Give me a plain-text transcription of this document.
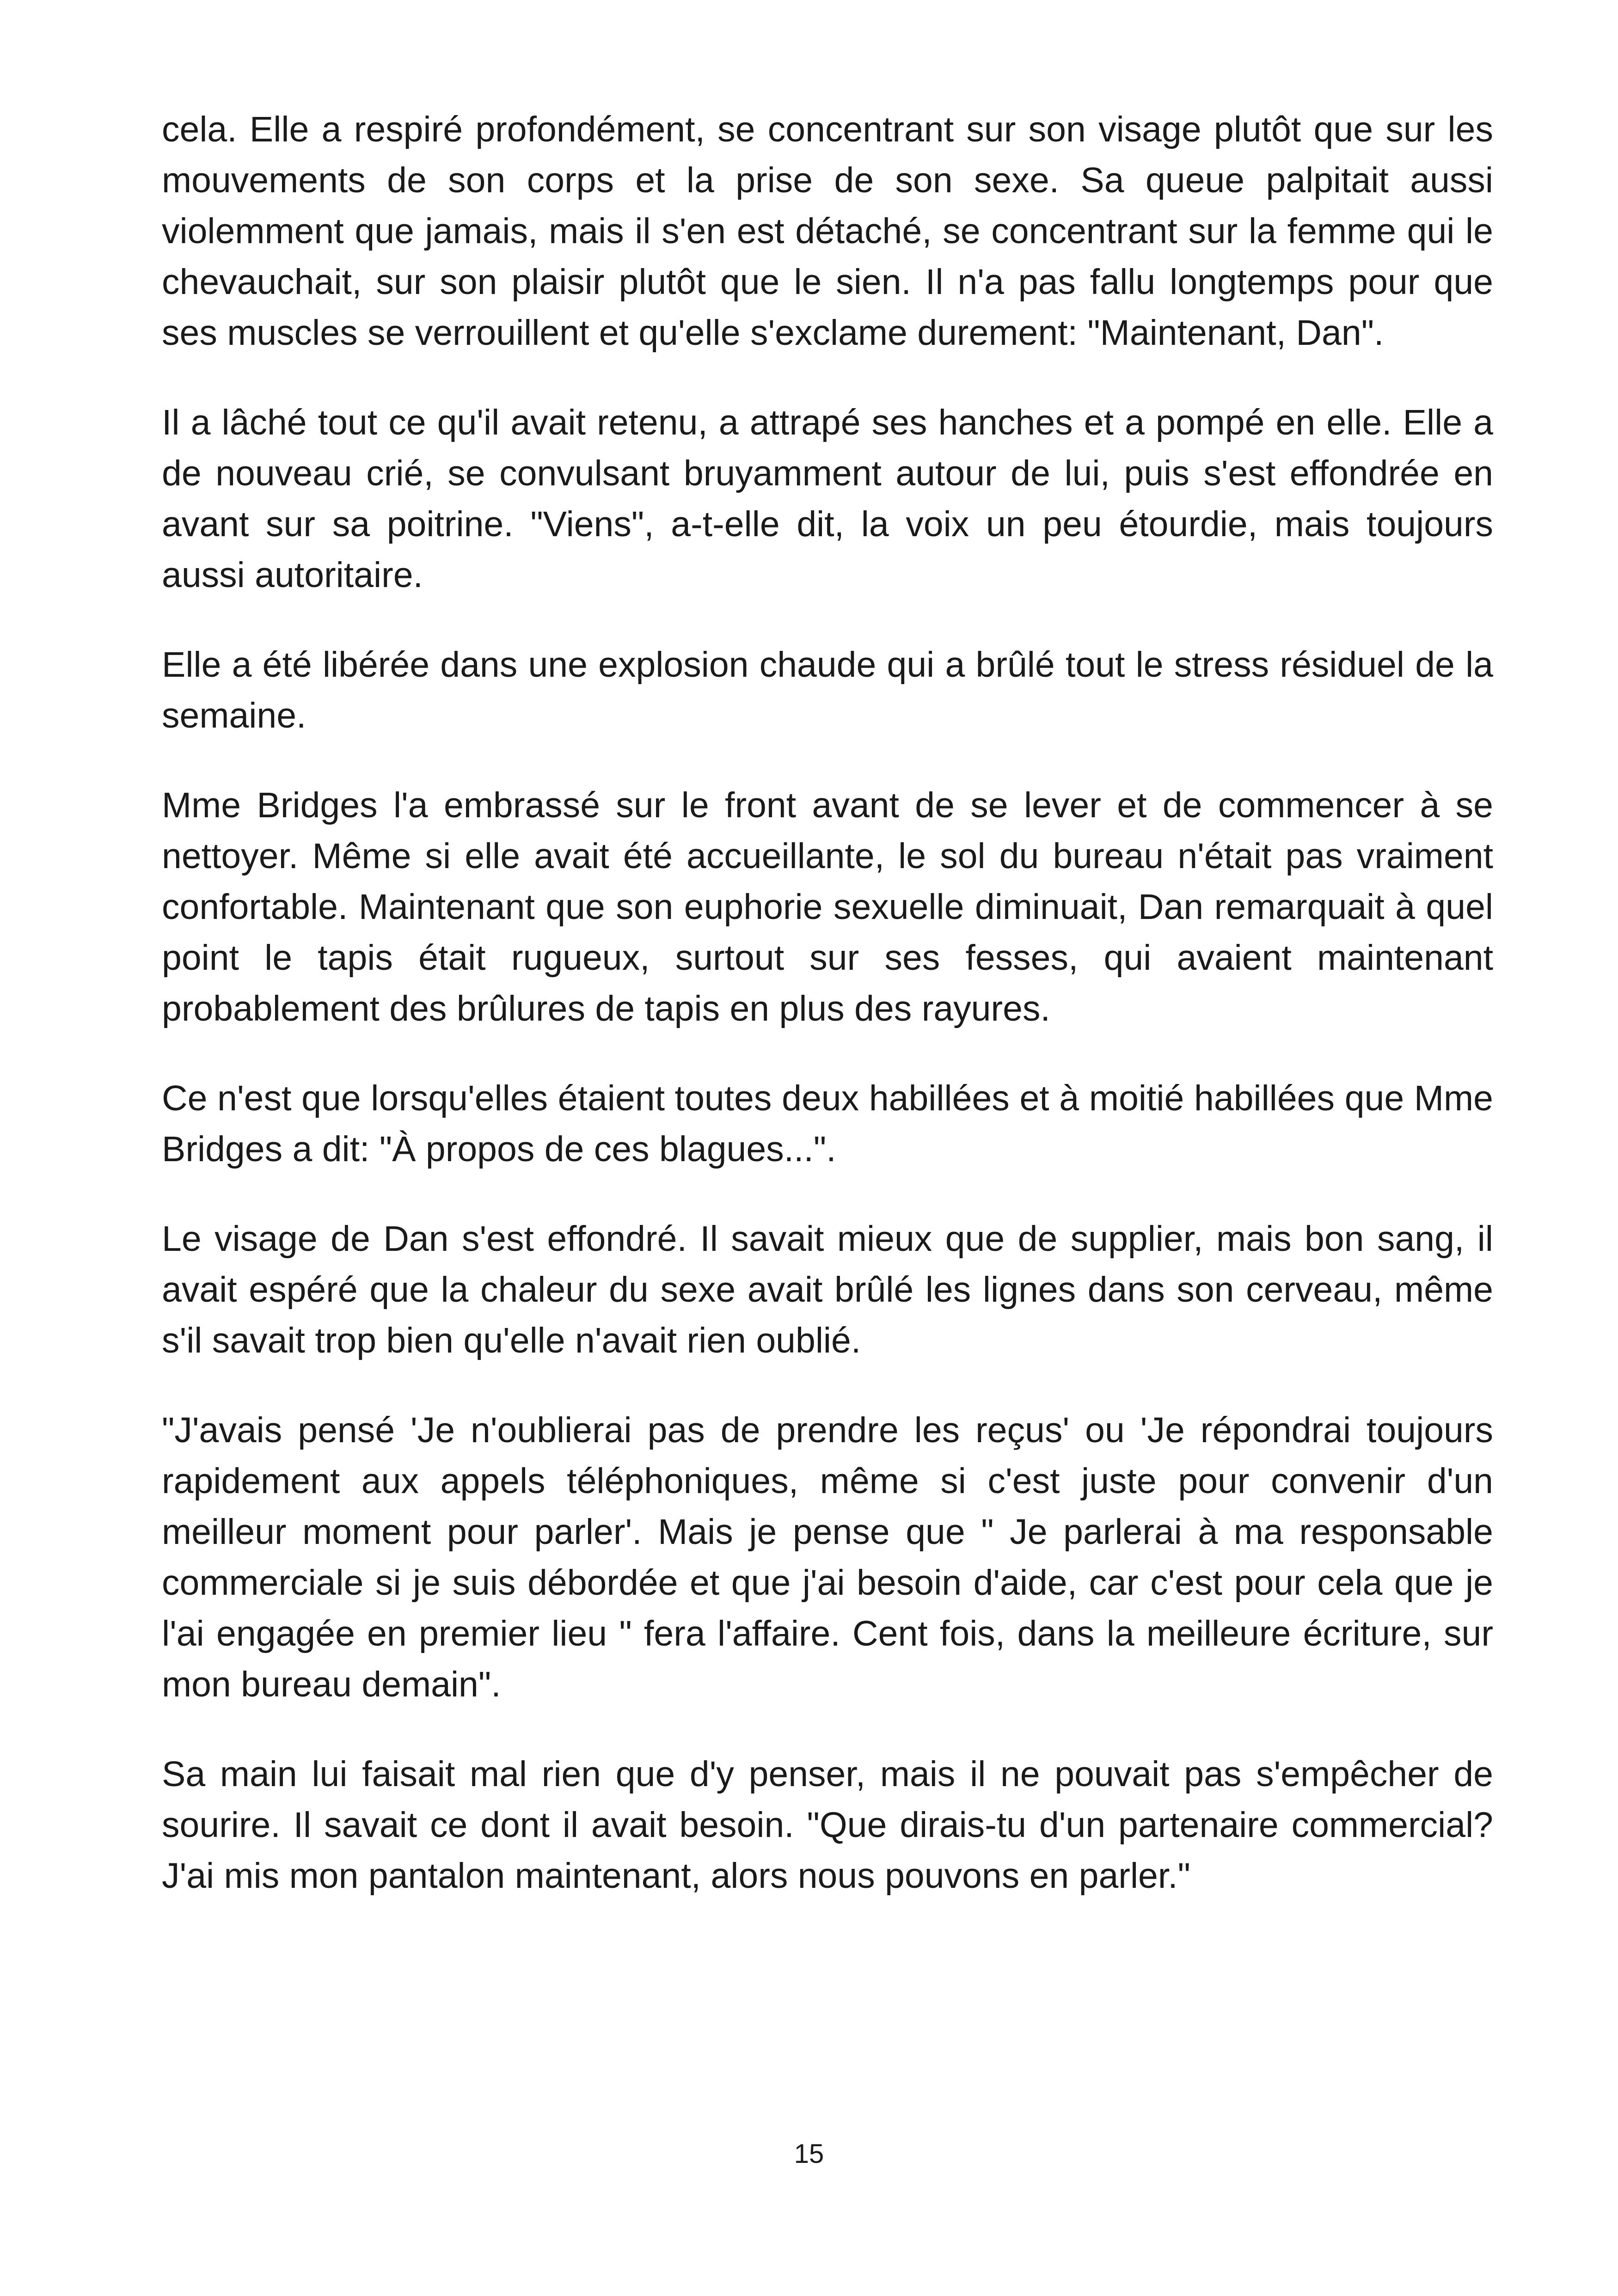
cela. Elle a respiré profondément, se concentrant sur son visage plutôt que sur les mouvements de son corps et la prise de son sexe. Sa queue palpitait aussi violemment que jamais, mais il s'en est détaché, se concentrant sur la femme qui le chevauchait, sur son plaisir plutôt que le sien. Il n'a pas fallu longtemps pour que ses muscles se verrouillent et qu'elle s'exclame durement: "Maintenant, Dan".

Il a lâché tout ce qu'il avait retenu, a attrapé ses hanches et a pompé en elle. Elle a de nouveau crié, se convulsant bruyamment autour de lui, puis s'est effondrée en avant sur sa poitrine. "Viens", a-t-elle dit, la voix un peu étourdie, mais toujours aussi autoritaire.

Elle a été libérée dans une explosion chaude qui a brûlé tout le stress résiduel de la semaine.

Mme Bridges l'a embrassé sur le front avant de se lever et de commencer à se nettoyer. Même si elle avait été accueillante, le sol du bureau n'était pas vraiment confortable. Maintenant que son euphorie sexuelle diminuait, Dan remarquait à quel point le tapis était rugueux, surtout sur ses fesses, qui avaient maintenant probablement des brûlures de tapis en plus des rayures.

Ce n'est que lorsqu'elles étaient toutes deux habillées et à moitié habillées que Mme Bridges a dit: "À propos de ces blagues...".

Le visage de Dan s'est effondré. Il savait mieux que de supplier, mais bon sang, il avait espéré que la chaleur du sexe avait brûlé les lignes dans son cerveau, même s'il savait trop bien qu'elle n'avait rien oublié.

"J'avais pensé 'Je n'oublierai pas de prendre les reçus' ou 'Je répondrai toujours rapidement aux appels téléphoniques, même si c'est juste pour convenir d'un meilleur moment pour parler'. Mais je pense que " Je parlerai à ma responsable commerciale si je suis débordée et que j'ai besoin d'aide, car c'est pour cela que je l'ai engagée en premier lieu " fera l'affaire. Cent fois, dans la meilleure écriture, sur mon bureau demain".

Sa main lui faisait mal rien que d'y penser, mais il ne pouvait pas s'empêcher de sourire. Il savait ce dont il avait besoin. "Que dirais-tu d'un partenaire commercial? J'ai mis mon pantalon maintenant, alors nous pouvons en parler."

15
